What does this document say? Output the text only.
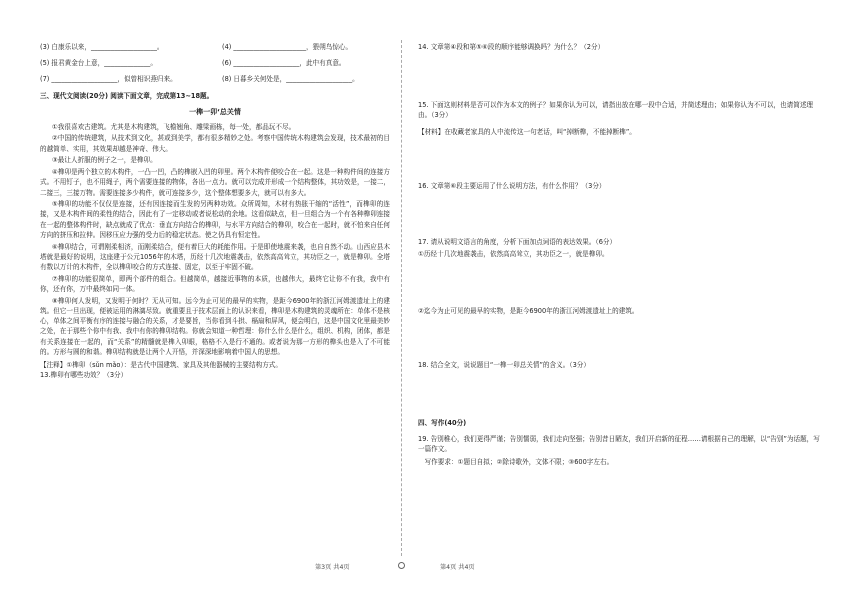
(3) 白康乐以来，____________________。	(4) ______________________，猥朔鸟惊心。
(5) 报君黄金台上意，______________。	(6) ____________________，此中有真意。
(7) ____________________，似曾相识燕归来。	(8) 日暮乡关何处是，____________________。

三、现代文阅读(20分) 阅读下面文章，完成第13~18题。

一榫一卯‘总关情

①我很喜欢古建筑。尤其是木构建筑，飞檐翘角、雕梁画栋，每一处，都品玩不尽。

②中国的传统建筑，从技术到文化，甚或到美学，都有很多精妙之处。考察中国传统木构建筑会发现，技术最初的目的越简单、实用，其效果却越是神奇、伟大。

③最让人折服的例子之一，是榫卯。

④榫卯是两个独立的木构件，一凸一凹，凸的榫嵌入凹的卯里。两个木构件便咬合在一起。这是一种构件间的连接方式。不用钉子，也不用绳子，两个需要连接的物体，各出一点力。就可以完成并形成一个结构整体，其功效是，一接二，二接三，三接万物。需要连接多少构件，就可连接多少，这个整体想要多大，就可以有多大。

⑤榫卯的功能不仅仅是连接，还有因连接而生发的另两种功效。众所周知，木材有热胀干缩的“活性”，而榫卯的连接，又是木构件间的柔性的结合，因此有了一定移动或者说松动的余地。这看似缺点，但一旦组合为一个有各种榫卯连接在一起的整体构件时，缺点就成了优点：垂直方向结合的榫卯，与水平方向结合的榫卯，咬合在一起时，就不怕来自任何方向的挤压和拉伸。因移压应力强的受力后的稳定状态。使之仍具有恒定性。

⑥榫卯结合，可谓刚柔相济，而刚柔结合，便有着巨大的耗能作用。于是即使地震来袭，也自自然不动。山西应县木塔就是最好的说明，这座建于公元1056年的木塔，历经十几次地震袭击，依然高高耸立，其功臣之一，就是榫卯。全塔有数以万计的木构件，全以榫卯咬合的方式连接、固定，以至于牢固不破。

⑦榫卯的功能很简单，即两个部件的组合。但越简单，越接近事物的本质，也越伟大，最终它让你不有我，我中有你，还有你，万中最终如同一体。

⑧榫卯何人发明，又发明于何时？无从可知。远今为止可见的最早的实物，是距今6900年的浙江河姆渡遗址上的建筑。但它一旦出现，便被运用的淋漓尽致。就重要且于技术层面上的认识来看，榫卯是木构建筑的灵魂所在：单体不是核心，单体之间平衡有序的连接与融合的关系，才是要旨，当你看到斗拱、槅扇和屏风，便会明白，这是中国文化里最美妙之处，在于那些个你中有我、我中有你的榫卯结构。你就会知道一种哲理：你什么什么是什么，组织、机构，团体，都是有关系连接在一起的，而“关系”的精髓就是榫入卯眼，格格不入是行不通的。或者说为那一方形的榫头也是入了不可能的。方形与圆的和谐。榫卯结构就是让两个人开悟，并深深地影响着中国人的思想。

【注释】①榫卯（sǔn mǎo）：是古代中国建筑、家具及其他器械的主要结构方式。

13.榫卯有哪些功效？（3分）

14. 文章第④段和第⑤⑥段的顺序能够调换吗？为什么？（2分）

15. 下面这则材料是否可以作为本文的例子？如果你认为可以，请指出放在哪一段中合适，并简述理由；如果你认为不可以，也请简述理由。（3分）

【材料】在收藏老家具的人中流传这一句老话，叫“掉断榫，不能掉断榫”。

16. 文章第⑥段主要运用了什么说明方法，有什么作用？（3分）

17. 请从说明文语言的角度，分析下面加点词语的表达效果。（6分）

①历经十几次地震袭击，依然高高耸立，其功臣之一，就是榫卯。

②迄今为止可见的最早的实物，是距今6900年的浙江河姆渡遗址上的建筑。

18. 结合全文，说说题目“一榫一卯总关情”的含义。（3分）

四、写作(40分)

19. 告别稚心，我们更得严谨；告别懦弱，我们走向坚强；告别昔日陋友，我们开启新的征程……请根据自己的理解，以“告别”为话题，写一篇作文。

写作要求：①题目自拟；②除诗歌外，文体不限；③600字左右。

第3页 共4页	第4页 共4页
